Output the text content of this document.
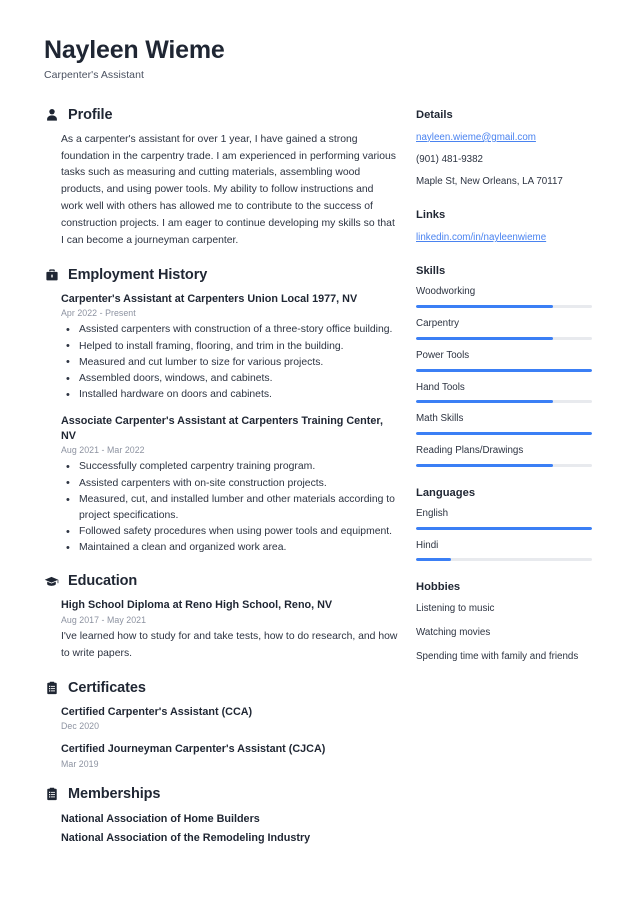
Nayleen Wieme
Carpenter's Assistant
Profile
As a carpenter's assistant for over 1 year, I have gained a strong foundation in the carpentry trade. I am experienced in performing various tasks such as measuring and cutting materials, assembling wood products, and using power tools. My ability to follow instructions and work well with others has allowed me to contribute to the success of construction projects. I am eager to continue developing my skills so that I can become a journeyman carpenter.
Employment History
Carpenter's Assistant at Carpenters Union Local 1977, NV
Apr 2022 - Present
• Assisted carpenters with construction of a three-story office building.
• Helped to install framing, flooring, and trim in the building.
• Measured and cut lumber to size for various projects.
• Assembled doors, windows, and cabinets.
• Installed hardware on doors and cabinets.
Associate Carpenter's Assistant at Carpenters Training Center, NV
Aug 2021 - Mar 2022
• Successfully completed carpentry training program.
• Assisted carpenters with on-site construction projects.
• Measured, cut, and installed lumber and other materials according to project specifications.
• Followed safety procedures when using power tools and equipment.
• Maintained a clean and organized work area.
Education
High School Diploma at Reno High School, Reno, NV
Aug 2017 - May 2021
I've learned how to study for and take tests, how to do research, and how to write papers.
Certificates
Certified Carpenter's Assistant (CCA)
Dec 2020
Certified Journeyman Carpenter's Assistant (CJCA)
Mar 2019
Memberships
National Association of Home Builders
National Association of the Remodeling Industry
Details
nayleen.wieme@gmail.com
(901) 481-9382
Maple St, New Orleans, LA 70117
Links
linkedin.com/in/nayleenwieme
Skills
Woodworking
Carpentry
Power Tools
Hand Tools
Math Skills
Reading Plans/Drawings
Languages
English
Hindi
Hobbies
Listening to music
Watching movies
Spending time with family and friends
